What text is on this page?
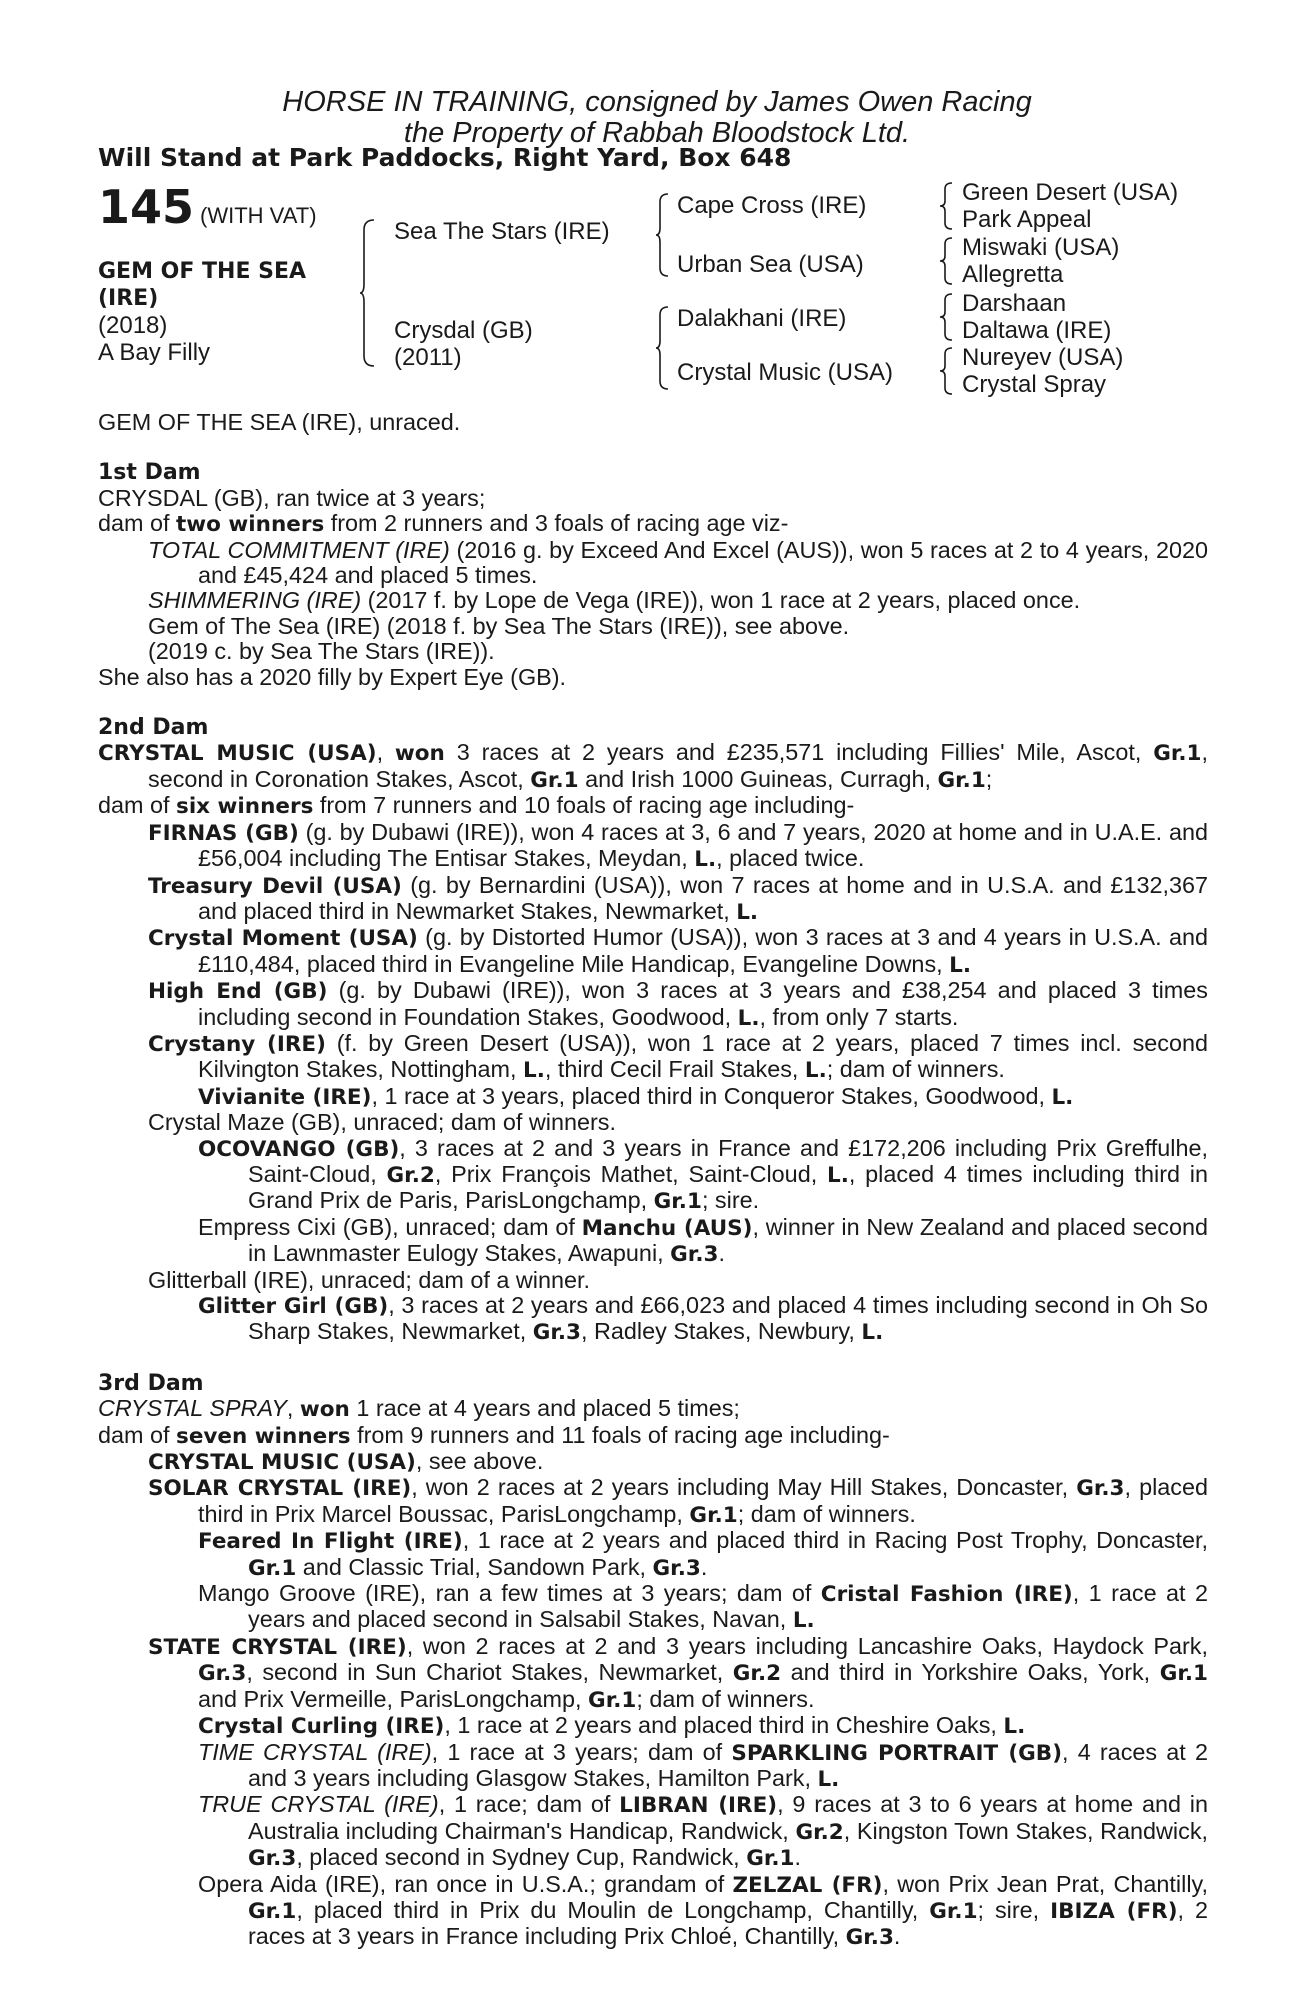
HORSE IN TRAINING, consigned by James Owen Racing
the Property of Rabbah Bloodstock Ltd.
Will Stand at Park Paddocks, Right Yard, Box 648
145 (WITH VAT)
GEM OF THE SEA
(IRE)
(2018)
A Bay Filly
Sea The Stars (IRE)
Crysdal (GB)
(2011)
Cape Cross (IRE)
Urban Sea (USA)
Dalakhani (IRE)
Crystal Music (USA)
Green Desert (USA)
Park Appeal
Miswaki (USA)
Allegretta
Darshaan
Daltawa (IRE)
Nureyev (USA)
Crystal Spray

GEM OF THE SEA (IRE), unraced.

1st Dam

CRYSDAL (GB), ran twice at 3 years;

dam of two winners from 2 runners and 3 foals of racing age viz-

TOTAL COMMITMENT (IRE) (2016 g. by Exceed And Excel (AUS)), won 5 races at 2 to 4 years, 2020 and £45,424 and placed 5 times.

SHIMMERING (IRE) (2017 f. by Lope de Vega (IRE)), won 1 race at 2 years, placed once.

Gem of The Sea (IRE) (2018 f. by Sea The Stars (IRE)), see above.

(2019 c. by Sea The Stars (IRE)).

She also has a 2020 filly by Expert Eye (GB).

2nd Dam

CRYSTAL MUSIC (USA), won 3 races at 2 years and £235,571 including Fillies' Mile, Ascot, Gr.1, second in Coronation Stakes, Ascot, Gr.1 and Irish 1000 Guineas, Curragh, Gr.1;

dam of six winners from 7 runners and 10 foals of racing age including-

FIRNAS (GB) (g. by Dubawi (IRE)), won 4 races at 3, 6 and 7 years, 2020 at home and in U.A.E. and £56,004 including The Entisar Stakes, Meydan, L., placed twice.

Treasury Devil (USA) (g. by Bernardini (USA)), won 7 races at home and in U.S.A. and £132,367 and placed third in Newmarket Stakes, Newmarket, L.

Crystal Moment (USA) (g. by Distorted Humor (USA)), won 3 races at 3 and 4 years in U.S.A. and £110,484, placed third in Evangeline Mile Handicap, Evangeline Downs, L.

High End (GB) (g. by Dubawi (IRE)), won 3 races at 3 years and £38,254 and placed 3 times including second in Foundation Stakes, Goodwood, L., from only 7 starts.

Crystany (IRE) (f. by Green Desert (USA)), won 1 race at 2 years, placed 7 times incl. second Kilvington Stakes, Nottingham, L., third Cecil Frail Stakes, L.; dam of winners.

Vivianite (IRE), 1 race at 3 years, placed third in Conqueror Stakes, Goodwood, L.

Crystal Maze (GB), unraced; dam of winners.

OCOVANGO (GB), 3 races at 2 and 3 years in France and £172,206 including Prix Greffulhe, Saint-Cloud, Gr.2, Prix François Mathet, Saint-Cloud, L., placed 4 times including third in Grand Prix de Paris, ParisLongchamp, Gr.1; sire.

Empress Cixi (GB), unraced; dam of Manchu (AUS), winner in New Zealand and placed second in Lawnmaster Eulogy Stakes, Awapuni, Gr.3.

Glitterball (IRE), unraced; dam of a winner.

Glitter Girl (GB), 3 races at 2 years and £66,023 and placed 4 times including second in Oh So Sharp Stakes, Newmarket, Gr.3, Radley Stakes, Newbury, L.

3rd Dam

CRYSTAL SPRAY, won 1 race at 4 years and placed 5 times;

dam of seven winners from 9 runners and 11 foals of racing age including-

CRYSTAL MUSIC (USA), see above.

SOLAR CRYSTAL (IRE), won 2 races at 2 years including May Hill Stakes, Doncaster, Gr.3, placed third in Prix Marcel Boussac, ParisLongchamp, Gr.1; dam of winners.

Feared In Flight (IRE), 1 race at 2 years and placed third in Racing Post Trophy, Doncaster, Gr.1 and Classic Trial, Sandown Park, Gr.3.

Mango Groove (IRE), ran a few times at 3 years; dam of Cristal Fashion (IRE), 1 race at 2 years and placed second in Salsabil Stakes, Navan, L.

STATE CRYSTAL (IRE), won 2 races at 2 and 3 years including Lancashire Oaks, Haydock Park, Gr.3, second in Sun Chariot Stakes, Newmarket, Gr.2 and third in Yorkshire Oaks, York, Gr.1 and Prix Vermeille, ParisLongchamp, Gr.1; dam of winners.

Crystal Curling (IRE), 1 race at 2 years and placed third in Cheshire Oaks, L.

TIME CRYSTAL (IRE), 1 race at 3 years; dam of SPARKLING PORTRAIT (GB), 4 races at 2 and 3 years including Glasgow Stakes, Hamilton Park, L.

TRUE CRYSTAL (IRE), 1 race; dam of LIBRAN (IRE), 9 races at 3 to 6 years at home and in Australia including Chairman's Handicap, Randwick, Gr.2, Kingston Town Stakes, Randwick, Gr.3, placed second in Sydney Cup, Randwick, Gr.1.

Opera Aida (IRE), ran once in U.S.A.; grandam of ZELZAL (FR), won Prix Jean Prat, Chantilly, Gr.1, placed third in Prix du Moulin de Longchamp, Chantilly, Gr.1; sire, IBIZA (FR), 2 races at 3 years in France including Prix Chloé, Chantilly, Gr.3.
